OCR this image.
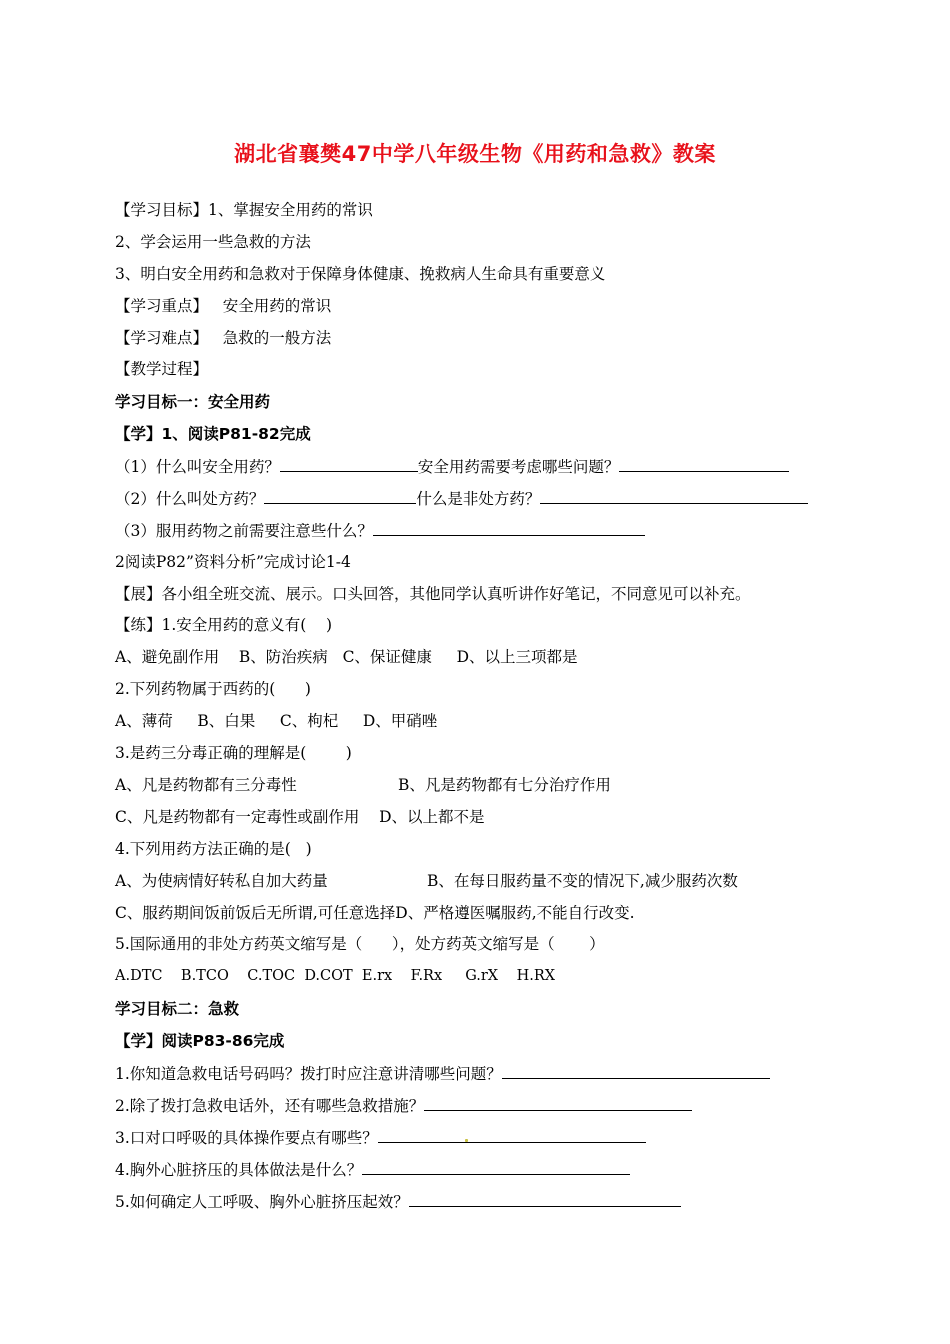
湖北省襄樊47中学八年级生物《用药和急救》教案
【学习目标】1、掌握安全用药的常识
2、学会运用一些急救的方法
3、明白安全用药和急救对于保障身体健康、挽救病人生命具有重要意义
【学习重点】   安全用药的常识
【学习难点】   急救的一般方法
【教学过程】
学习目标一：安全用药
【学】1、阅读P81-82完成
（1）什么叫安全用药？	安全用药需要考虑哪些问题？
（2）什么叫处方药？	什么是非处方药？
（3）服用药物之前需要注意些什么？
2阅读P82”资料分析”完成讨论1-4
【展】各小组全班交流、展示。口头回答，其他同学认真听讲作好笔记，不同意见可以补充。
【练】1.安全用药的意义有(    )
A、避免副作用    B、防治疾病   C、保证健康     D、以上三项都是
2.下列药物属于西药的(      )
A、薄荷     B、白果     C、枸杞     D、甲硝唑
3.是药三分毒正确的理解是(        )
A、凡是药物都有三分毒性	B、凡是药物都有七分治疗作用
C、凡是药物都有一定毒性或副作用    D、以上都不是
4.下列用药方法正确的是(   )
A、为使病情好转私自加大药量	B、在每日服药量不变的情况下,减少服药次数
C、服药期间饭前饭后无所谓,可任意选择D、严格遵医嘱服药,不能自行改变.
5.国际通用的非处方药英文缩写是（      ），处方药英文缩写是（       ）
A.DTC    B.TCO    C.TOC  D.COT  E.rx    F.Rx     G.rX    H.RX
学习目标二：急救
【学】阅读P83-86完成
1.你知道急救电话号码吗？拨打时应注意讲清哪些问题？
2.除了拨打急救电话外，还有哪些急救措施？
3.口对口呼吸的具体操作要点有哪些？
4.胸外心脏挤压的具体做法是什么？
5.如何确定人工呼吸、胸外心脏挤压起效？
